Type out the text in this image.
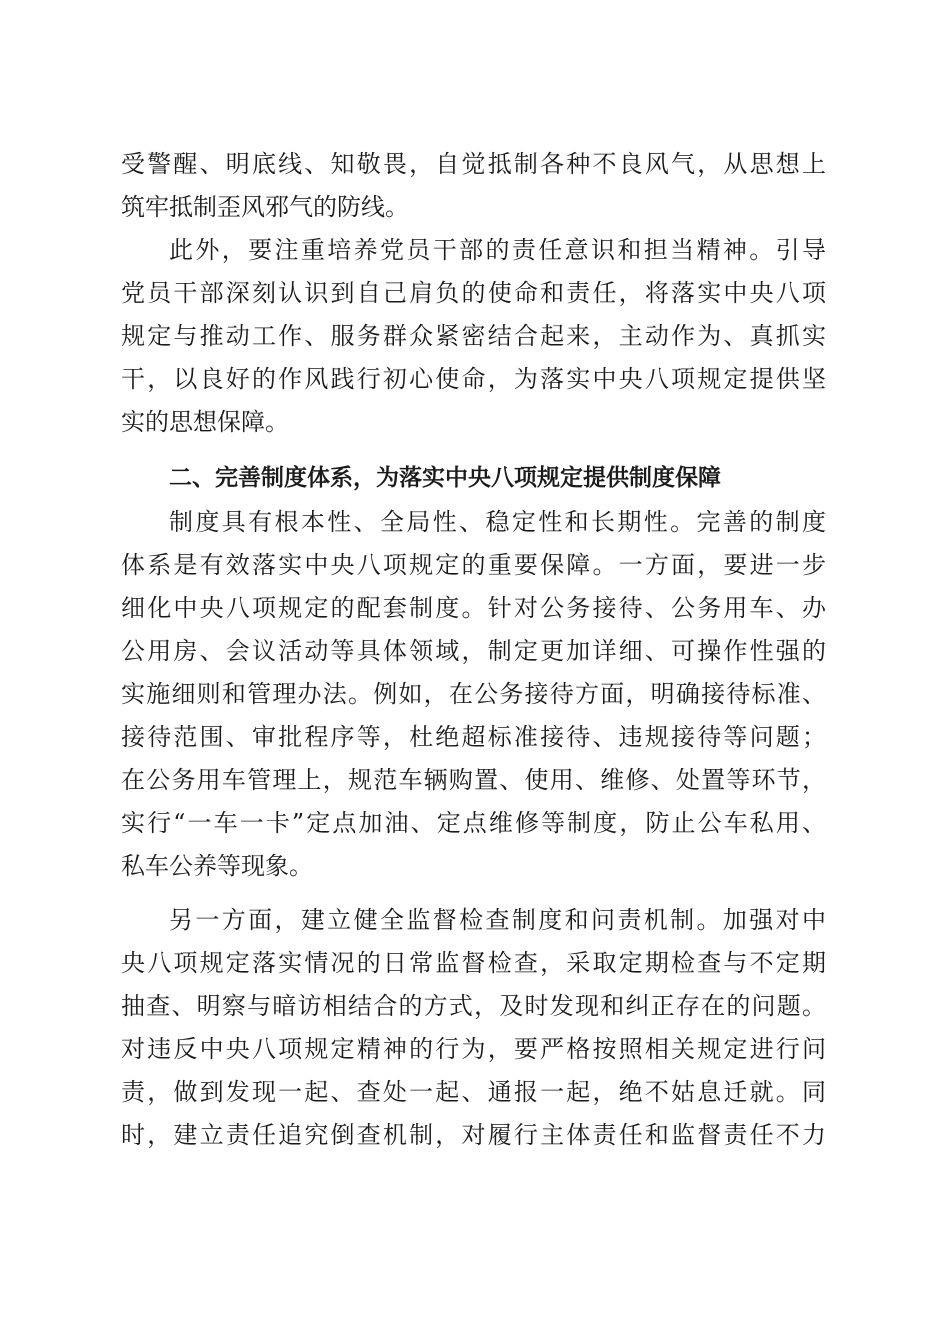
受警醒、明底线、知敬畏，自觉抵制各种不良风气，从思想上
筑牢抵制歪风邪气的防线。
此外，要注重培养党员干部的责任意识和担当精神。引导
党员干部深刻认识到自己肩负的使命和责任，将落实中央八项
规定与推动工作、服务群众紧密结合起来，主动作为、真抓实
干，以良好的作风践行初心使命，为落实中央八项规定提供坚
实的思想保障。
二、完善制度体系，为落实中央八项规定提供制度保障
制度具有根本性、全局性、稳定性和长期性。完善的制度
体系是有效落实中央八项规定的重要保障。一方面，要进一步
细化中央八项规定的配套制度。针对公务接待、公务用车、办
公用房、会议活动等具体领域，制定更加详细、可操作性强的
实施细则和管理办法。例如，在公务接待方面，明确接待标准、
接待范围、审批程序等，杜绝超标准接待、违规接待等问题；
在公务用车管理上，规范车辆购置、使用、维修、处置等环节，
实行“一车一卡”定点加油、定点维修等制度，防止公车私用、
私车公养等现象。
另一方面，建立健全监督检查制度和问责机制。加强对中
央八项规定落实情况的日常监督检查，采取定期检查与不定期
抽查、明察与暗访相结合的方式，及时发现和纠正存在的问题。
对违反中央八项规定精神的行为，要严格按照相关规定进行问
责，做到发现一起、查处一起、通报一起，绝不姑息迁就。同
时，建立责任追究倒查机制，对履行主体责任和监督责任不力
